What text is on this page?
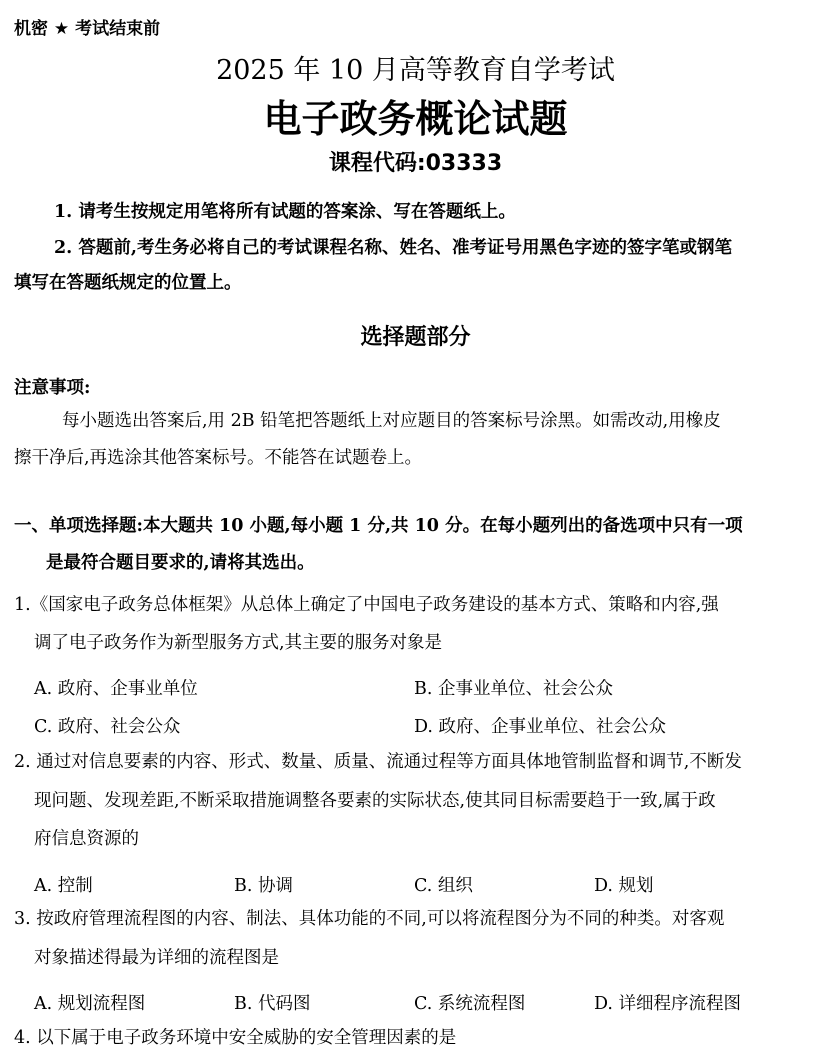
机密 ★ 考试结束前
2025 年 10 月高等教育自学考试
电子政务概论试题
课程代码:03333
1. 请考生按规定用笔将所有试题的答案涂、写在答题纸上。
2. 答题前,考生务必将自己的考试课程名称、姓名、准考证号用黑色字迹的签字笔或钢笔
填写在答题纸规定的位置上。
选择题部分
注意事项:
每小题选出答案后,用 2B 铅笔把答题纸上对应题目的答案标号涂黑。如需改动,用橡皮
擦干净后,再选涂其他答案标号。不能答在试题卷上。
一、单项选择题:本大题共 10 小题,每小题 1 分,共 10 分。在每小题列出的备选项中只有一项
是最符合题目要求的,请将其选出。
1.《国家电子政务总体框架》从总体上确定了中国电子政务建设的基本方式、策略和内容,强
调了电子政务作为新型服务方式,其主要的服务对象是
A. 政府、企事业单位	B. 企事业单位、社会公众
C. 政府、社会公众	D. 政府、企事业单位、社会公众
2. 通过对信息要素的内容、形式、数量、质量、流通过程等方面具体地管制监督和调节,不断发
现问题、发现差距,不断采取措施调整各要素的实际状态,使其同目标需要趋于一致,属于政
府信息资源的
A. 控制	B. 协调	C. 组织	D. 规划
3. 按政府管理流程图的内容、制法、具体功能的不同,可以将流程图分为不同的种类。对客观
对象描述得最为详细的流程图是
A. 规划流程图	B. 代码图	C. 系统流程图	D. 详细程序流程图
4. 以下属于电子政务环境中安全威胁的安全管理因素的是
